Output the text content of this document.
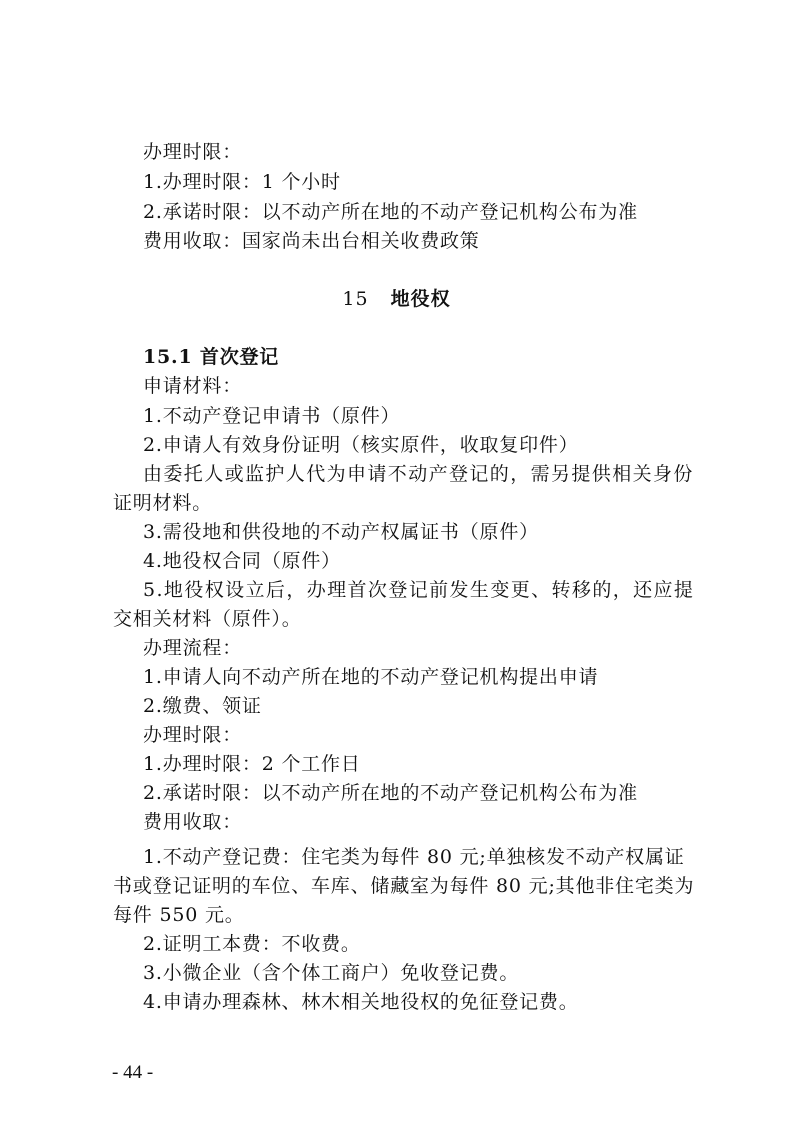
办理时限：
1.办理时限：1 个小时
2.承诺时限：以不动产所在地的不动产登记机构公布为准
费用收取：国家尚未出台相关收费政策
15 地役权
15.1 首次登记
申请材料：
1.不动产登记申请书（原件）
2.申请人有效身份证明（核实原件，收取复印件）
由委托人或监护人代为申请不动产登记的，需另提供相关身份
证明材料。
3.需役地和供役地的不动产权属证书（原件）
4.地役权合同（原件）
5.地役权设立后，办理首次登记前发生变更、转移的，还应提
交相关材料（原件）。
办理流程：
1.申请人向不动产所在地的不动产登记机构提出申请
2.缴费、领证
办理时限：
1.办理时限：2 个工作日
2.承诺时限：以不动产所在地的不动产登记机构公布为准
费用收取：
1.不动产登记费：住宅类为每件 80 元;单独核发不动产权属证
书或登记证明的车位、车库、储藏室为每件 80 元;其他非住宅类为
每件 550 元。
2.证明工本费：不收费。
3.小微企业（含个体工商户）免收登记费。
4.申请办理森林、林木相关地役权的免征登记费。
- 44 -
